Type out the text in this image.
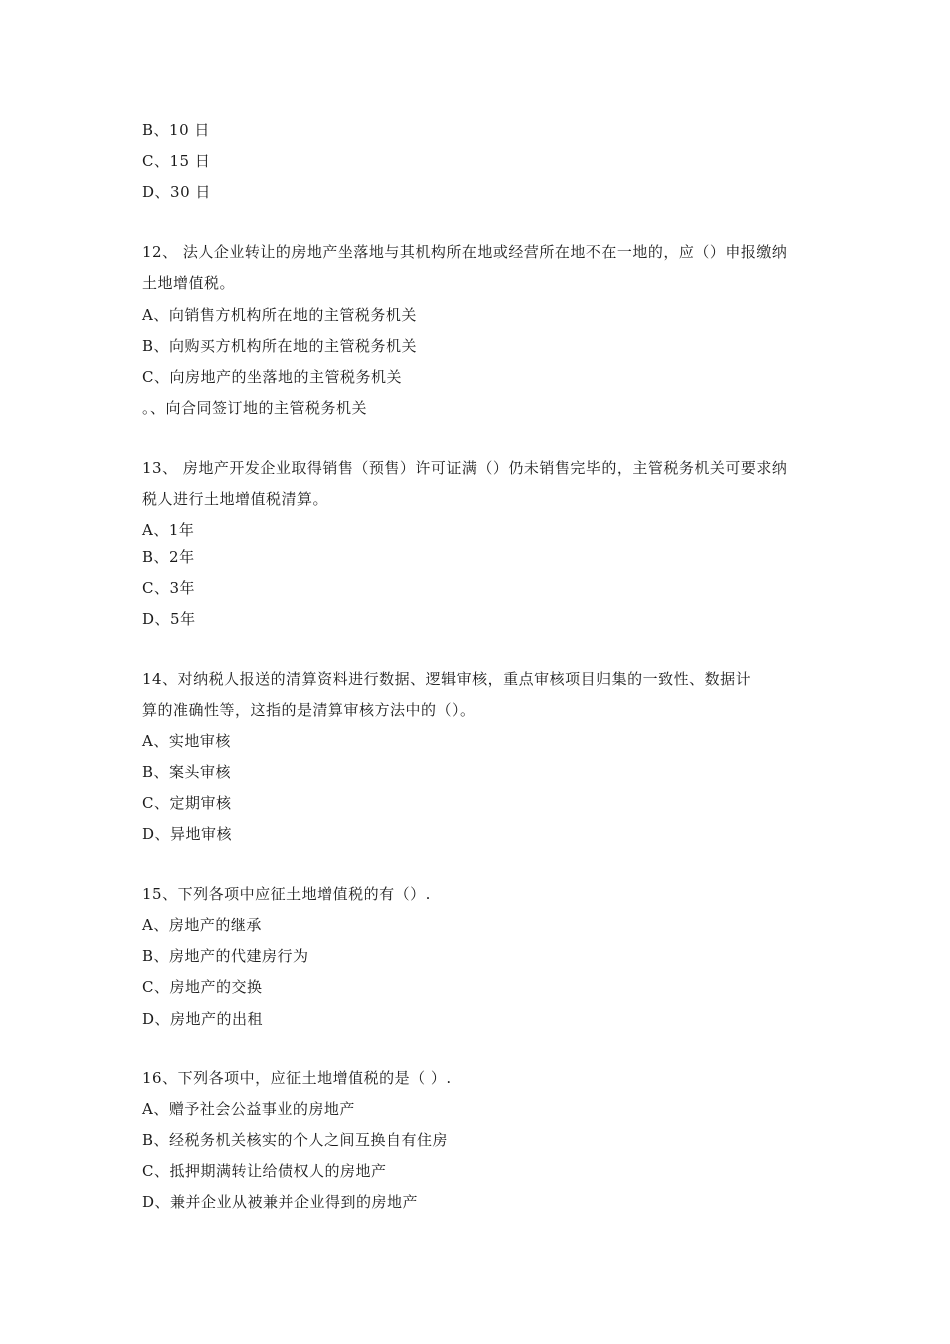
B、10 日
C、15 日
D、30 日
12、 法人企业转让的房地产坐落地与其机构所在地或经营所在地不在一地的，应（）申报缴纳
土地增值税。
A、向销售方机构所在地的主管税务机关
B、向购买方机构所在地的主管税务机关
C、向房地产的坐落地的主管税务机关
。、向合同签订地的主管税务机关
13、 房地产开发企业取得销售（预售）许可证满（）仍未销售完毕的，主管税务机关可要求纳
税人进行土地增值税清算。
A、1年
B、2年
C、3年
D、5年
14、对纳税人报送的清算资料进行数据、逻辑审核，重点审核项目归集的一致性、数据计
算的准确性等，这指的是清算审核方法中的（）。
A、实地审核
B、案头审核
C、定期审核
D、异地审核
15、下列各项中应征土地增值税的有（）.
A、房地产的继承
B、房地产的代建房行为
C、房地产的交换
D、房地产的出租
16、下列各项中，应征土地增值税的是（ ）.
A、赠予社会公益事业的房地产
B、经税务机关核实的个人之间互换自有住房
C、抵押期满转让给债权人的房地产
D、兼并企业从被兼并企业得到的房地产
